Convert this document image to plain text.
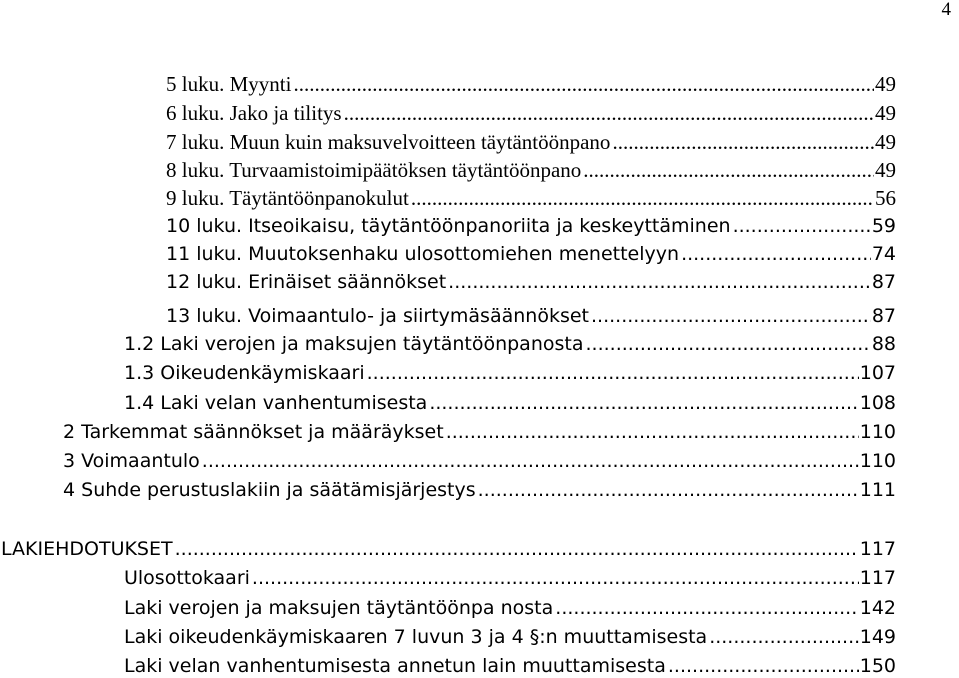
4
5 luku. Myynti .....	49
6 luku. Jako ja tilitys .....	49
7 luku. Muun kuin maksuvelvoitteen täytäntöönpano .....	49
8 luku. Turvaamistoimipäätöksen täytäntöönpano .....	49
9 luku. Täytäntöönpanokulut .....	56
10 luku. Itseoikaisu, täytäntöönpanoriita ja keskeyttäminen .....	59
11 luku. Muutoksenhaku ulosottomiehen menettelyyn .....	74
12 luku. Erinäiset säännökset .....	87
13 luku. Voimaantulo- ja siirtymäsäännökset .....	87
1.2 Laki verojen ja maksujen täytäntöönpanosta .....	88
1.3 Oikeudenkäymiskaari .....	107
1.4 Laki velan vanhentumisesta .....	108
2 Tarkemmat säännökset ja määräykset .....	110
3 Voimaantulo .....	110
4 Suhde perustuslakiin ja säätämisjärjestys .....	111
LAKIEHDOTUKSET .....	117
Ulosottokaari .....	117
Laki verojen ja maksujen täytäntöönpa nosta .....	142
Laki oikeudenkäymiskaaren 7 luvun 3 ja 4 §:n muuttamisesta .....	149
Laki velan vanhentumisesta annetun lain muuttamisesta .....	150
